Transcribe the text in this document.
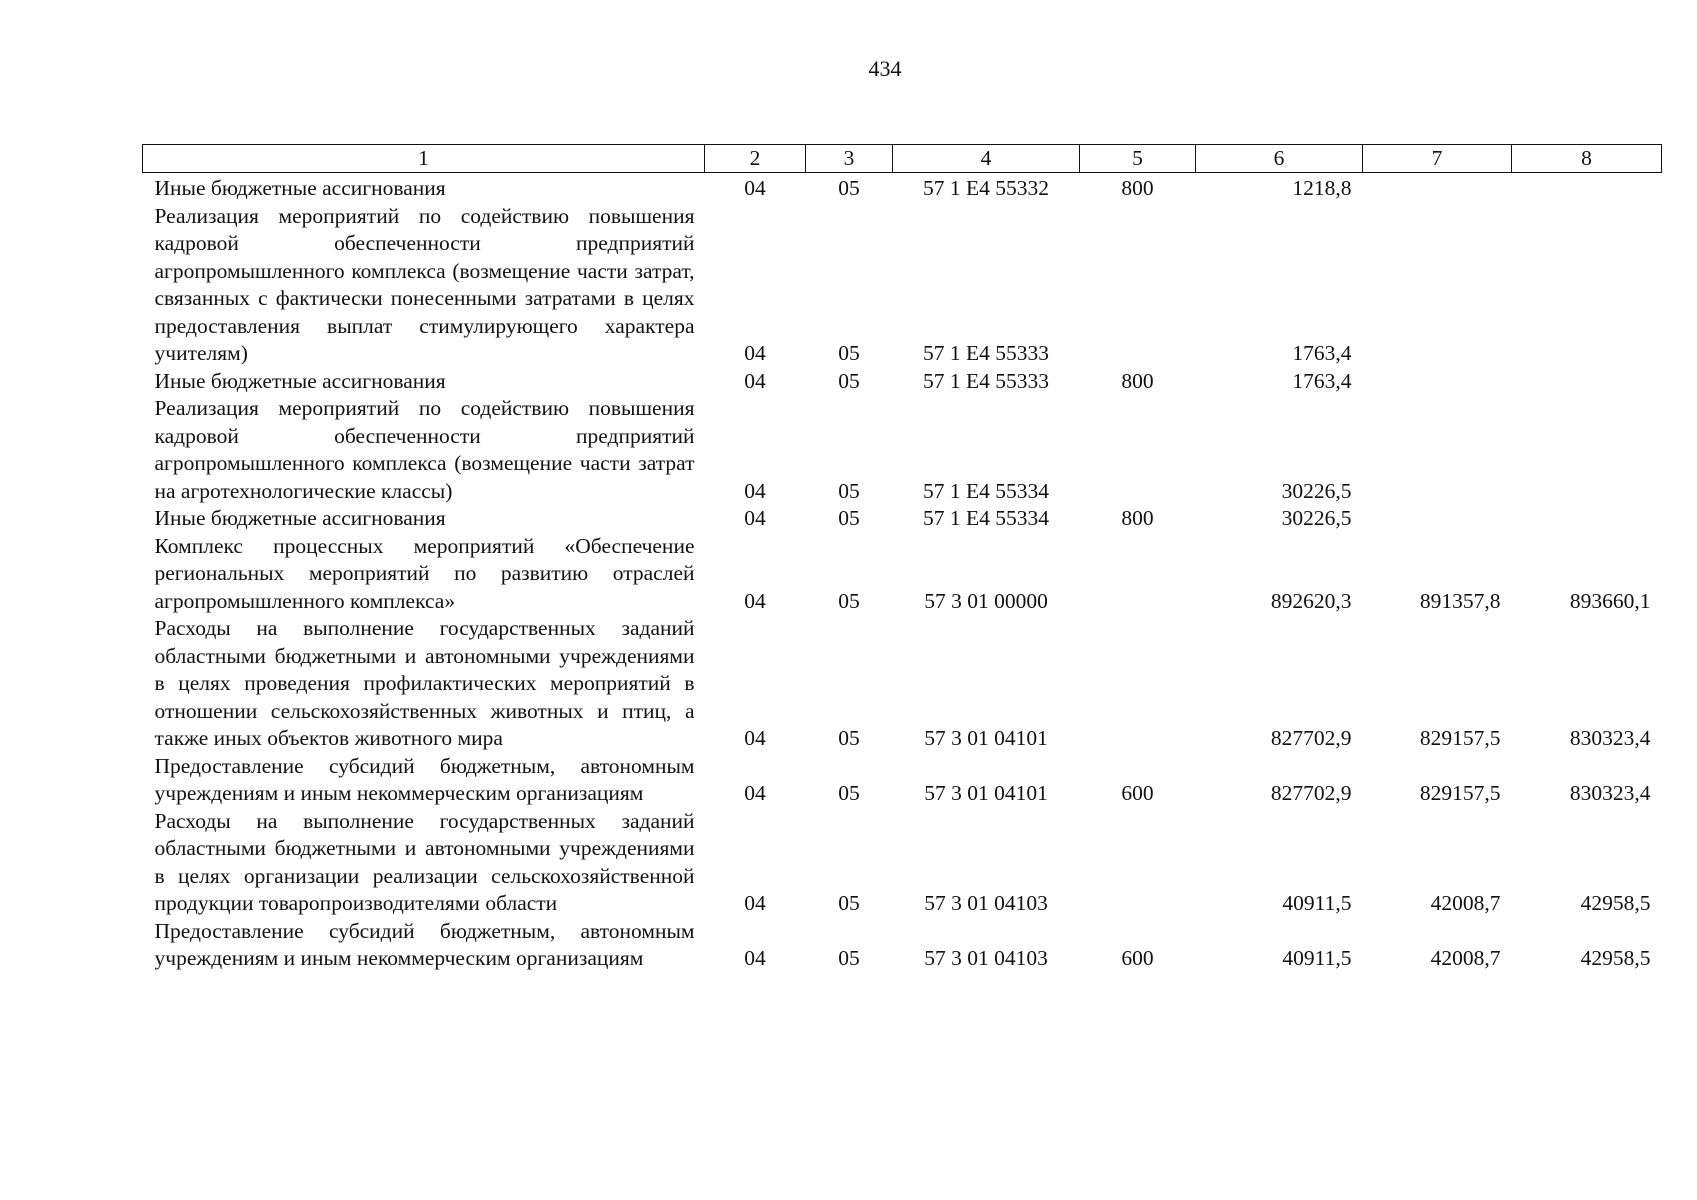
434
1	2	3	4	5	6	7	8
Иные бюджетные ассигнования	04	05	57 1 E4 55332	800	1218,8		
Реализация мероприятий по содействию повышения кадровой обеспеченности предприятий агропромышленного комплекса (возмещение части затрат, связанных с фактически понесенными затратами в целях предоставления выплат стимулирующего характера учителям)	04	05	57 1 E4 55333		1763,4		
Иные бюджетные ассигнования	04	05	57 1 E4 55333	800	1763,4		
Реализация мероприятий по содействию повышения кадровой обеспеченности предприятий агропромышленного комплекса (возмещение части затрат на агротехнологические классы)	04	05	57 1 E4 55334		30226,5		
Иные бюджетные ассигнования	04	05	57 1 E4 55334	800	30226,5		
Комплекс процессных мероприятий «Обеспечение региональных мероприятий по развитию отраслей агропромышленного комплекса»	04	05	57 3 01 00000		892620,3	891357,8	893660,1
Расходы на выполнение государственных заданий областными бюджетными и автономными учреждениями в целях проведения профилактических мероприятий в отношении сельскохозяйственных животных и птиц, а также иных объектов животного мира	04	05	57 3 01 04101		827702,9	829157,5	830323,4
Предоставление субсидий бюджетным, автономным учреждениям и иным некоммерческим организациям	04	05	57 3 01 04101	600	827702,9	829157,5	830323,4
Расходы на выполнение государственных заданий областными бюджетными и автономными учреждениями в целях организации реализации сельскохозяйственной продукции товаропроизводителями области	04	05	57 3 01 04103		40911,5	42008,7	42958,5
Предоставление субсидий бюджетным, автономным учреждениям и иным некоммерческим организациям	04	05	57 3 01 04103	600	40911,5	42008,7	42958,5
